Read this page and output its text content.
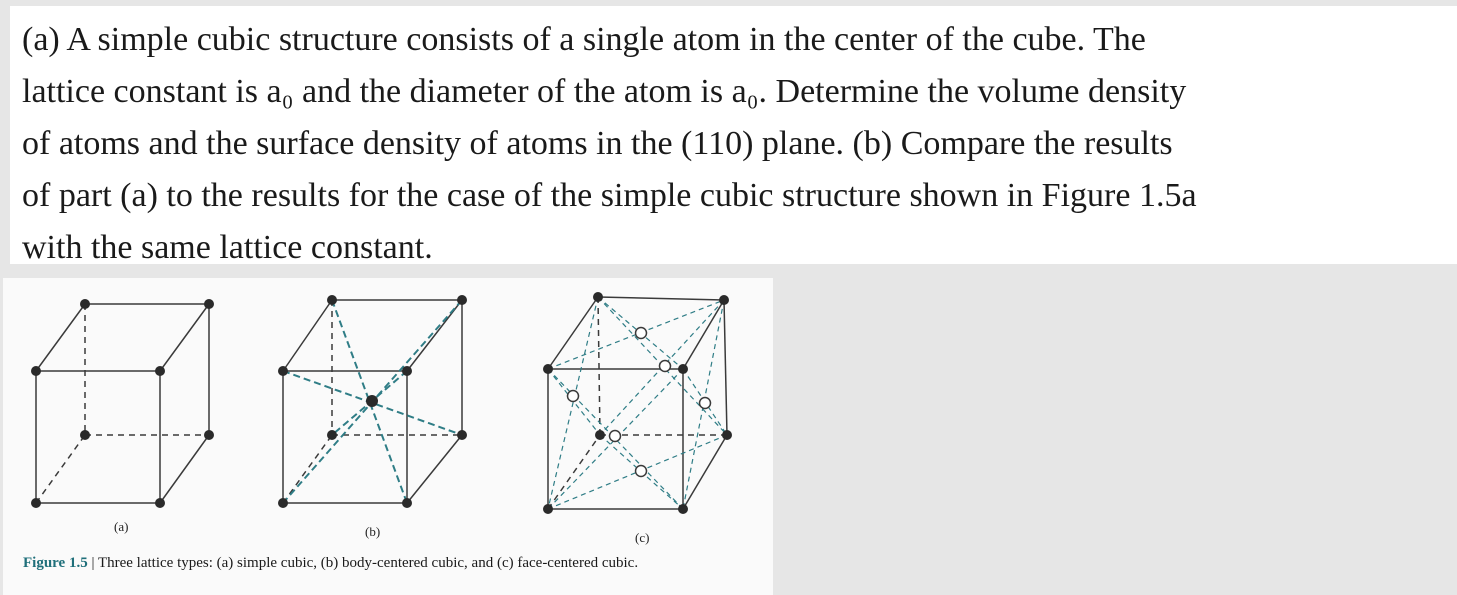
(a) A simple cubic structure consists of a single atom in the center of the cube. The
lattice constant is a₀ and the diameter of the atom is a₀. Determine the volume density
of atoms and the surface density of atoms in the (110) plane. (b) Compare the results
of part (a) to the results for the case of the simple cubic structure shown in Figure 1.5a
with the same lattice constant.

(a)	(b)	(c)
Figure 1.5 | Three lattice types: (a) simple cubic, (b) body-centered cubic, and (c) face-centered cubic.
